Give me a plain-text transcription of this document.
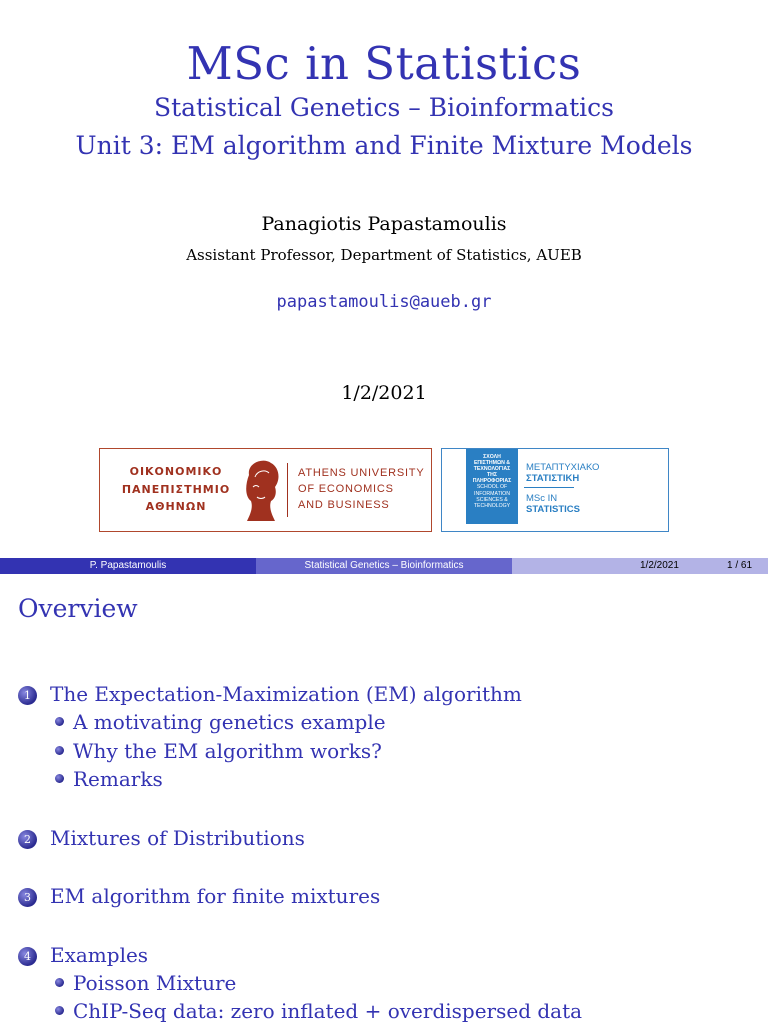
MSc in Statistics
Statistical Genetics – Bioinformatics
Unit 3: EM algorithm and Finite Mixture Models
Panagiotis Papastamoulis
Assistant Professor, Department of Statistics, AUEB
papastamoulis@aueb.gr
1/2/2021
ΟΙΚΟΝΟΜΙΚΟ
ΠΑΝΕΠΙΣΤΗΜΙΟ
ΑΘΗΝΩΝ
ATHENS UNIVERSITY
OF ECONOMICS
AND BUSINESS
ΣΧΟΛΗ
ΕΠΙΣΤΗΜΩΝ &
ΤΕΧΝΟΛΟΓΙΑΣ
ΤΗΣ
ΠΛΗΡΟΦΟΡΙΑΣ
SCHOOL OF
INFORMATION
SCIENCES &
TECHNOLOGY
ΜΕΤΑΠΤΥΧΙΑΚΟ
ΣΤΑΤΙΣΤΙΚΗ
MSc IN
STATISTICS
P. Papastamoulis	Statistical Genetics – Bioinformatics	1/2/2021	1 / 61
Overview
1 The Expectation-Maximization (EM) algorithm
A motivating genetics example
Why the EM algorithm works?
Remarks
2 Mixtures of Distributions
3 EM algorithm for finite mixtures
4 Examples
Poisson Mixture
ChIP-Seq data: zero inflated + overdispersed data
